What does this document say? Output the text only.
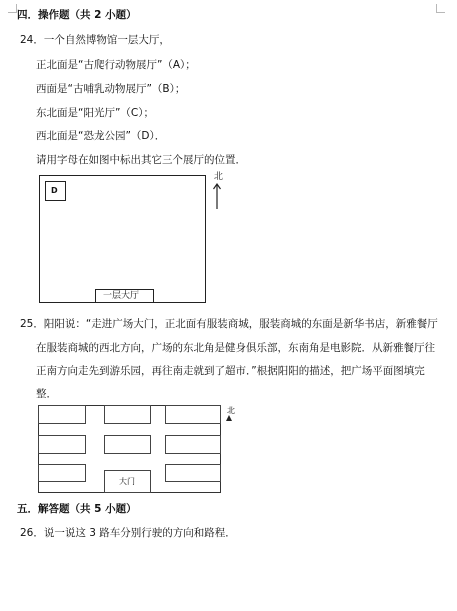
四．操作题（共 2 小题）
24．一个自然博物馆一层大厅，
正北面是“古爬行动物展厅”（A）；
西面是“古哺乳动物展厅”（B）；
东北面是“阳光厅”（C）；
西北面是“恐龙公园”（D）．
请用字母在如图中标出其它三个展厅的位置．
D
一层大厅
北
25．阳阳说：“走进广场大门，正北面有服装商城，服装商城的东面是新华书店，新雅餐厅
在服装商城的西北方向，广场的东北角是健身俱乐部，东南角是电影院．从新雅餐厅往
正南方向走先到游乐园，再往南走就到了超市．”根据阳阳的描述，把广场平面图填完
整．
大门
北
五．解答题（共 5 小题）
26．说一说这 3 路车分别行驶的方向和路程．
